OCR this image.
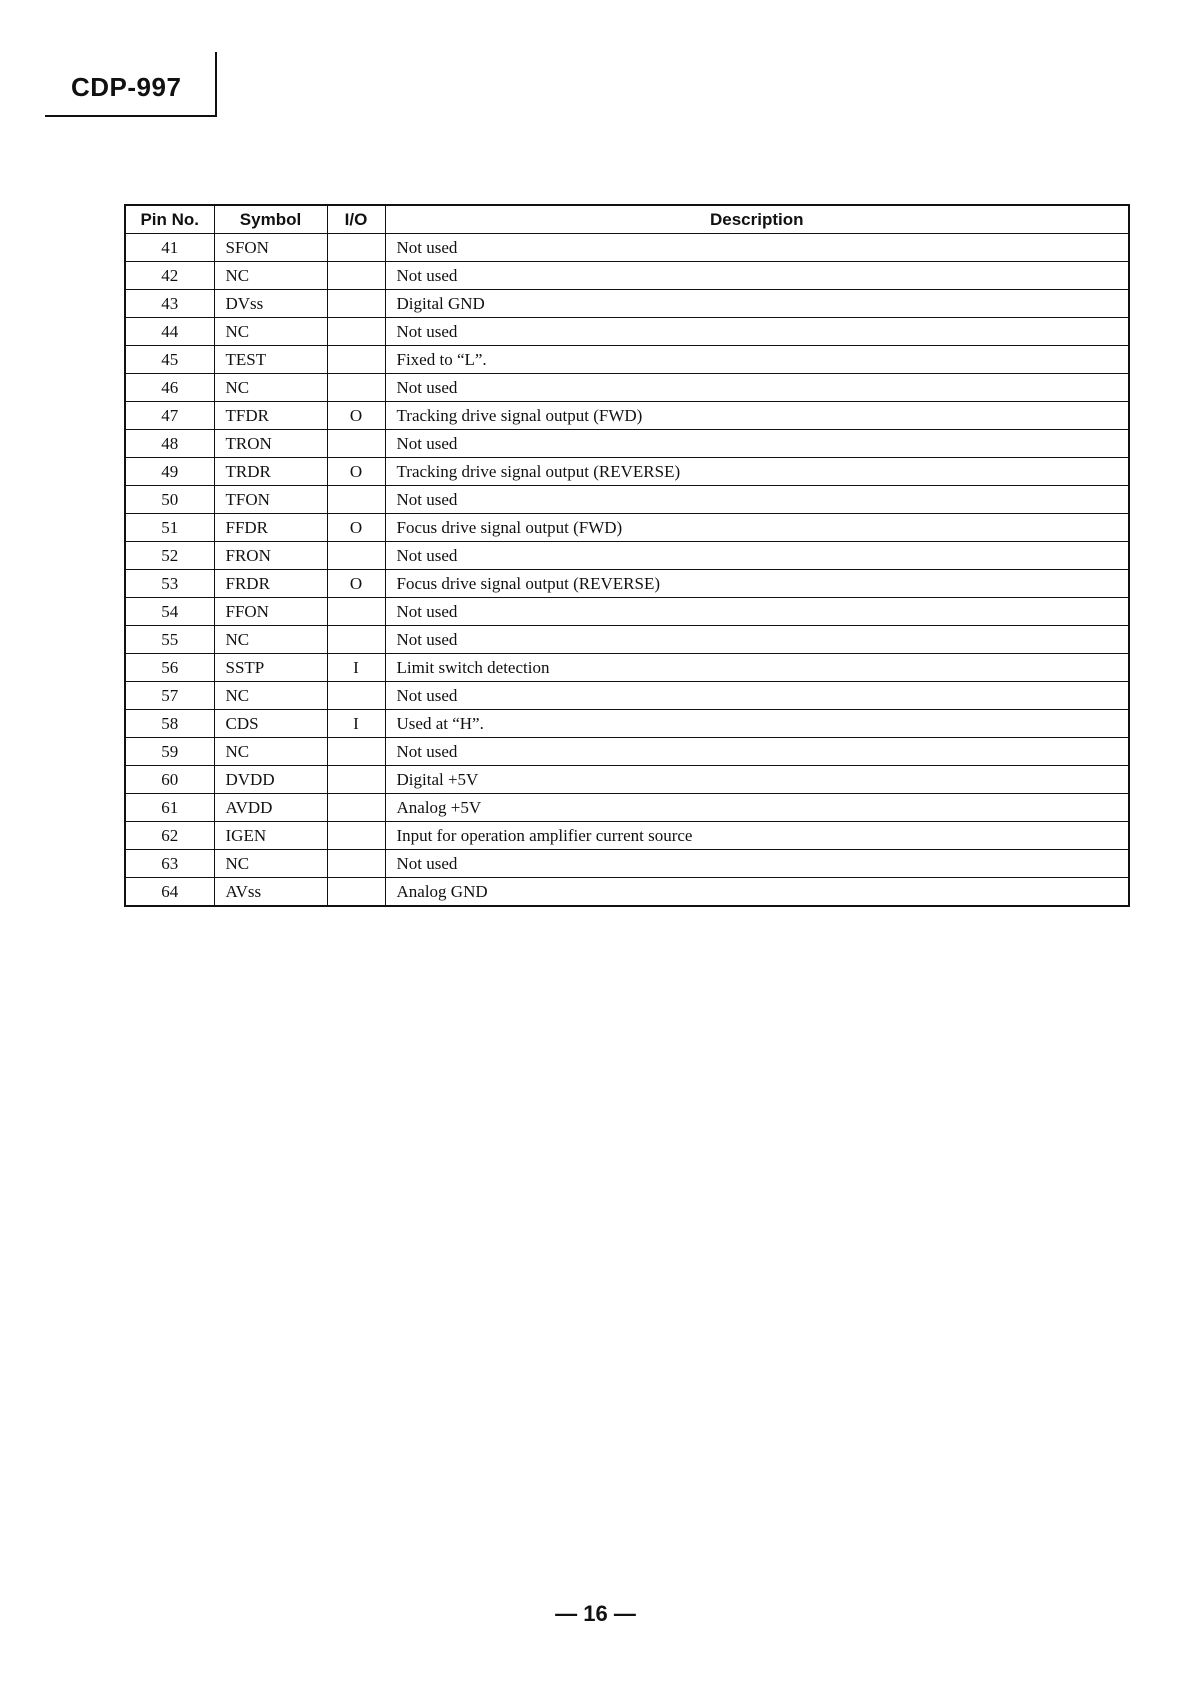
CDP-997
Pin No.	Symbol	I/O	Description
41	SFON		Not used
42	NC		Not used
43	DVss		Digital GND
44	NC		Not used
45	TEST		Fixed to “L”.
46	NC		Not used
47	TFDR	O	Tracking drive signal output (FWD)
48	TRON		Not used
49	TRDR	O	Tracking drive signal output (REVERSE)
50	TFON		Not used
51	FFDR	O	Focus drive signal output (FWD)
52	FRON		Not used
53	FRDR	O	Focus drive signal output (REVERSE)
54	FFON		Not used
55	NC		Not used
56	SSTP	I	Limit switch detection
57	NC		Not used
58	CDS	I	Used at “H”.
59	NC		Not used
60	DVDD		Digital +5V
61	AVDD		Analog +5V
62	IGEN		Input for operation amplifier current source
63	NC		Not used
64	AVss		Analog GND
— 16 —
